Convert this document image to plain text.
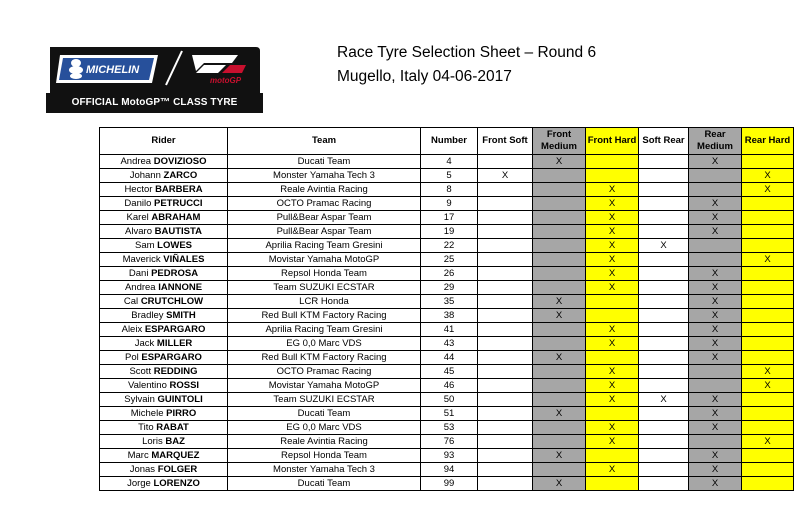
MICHELIN
motoGP
OFFICIAL MotoGP™ CLASS TYRE
Race Tyre Selection Sheet – Round 6
Mugello, Italy 04-06-2017
Rider	Team	Number	Front Soft	Front Medium	Front Hard	Soft Rear	Rear Medium	Rear Hard
Andrea DOVIZIOSO	Ducati Team	4		X			X	
Johann ZARCO	Monster Yamaha Tech 3	5	X					X
Hector BARBERA	Reale Avintia Racing	8			X			X
Danilo PETRUCCI	OCTO Pramac Racing	9			X		X	
Karel ABRAHAM	Pull&Bear Aspar Team	17			X		X	
Alvaro BAUTISTA	Pull&Bear Aspar Team	19			X		X	
Sam LOWES	Aprilia Racing Team Gresini	22			X	X		
Maverick VIÑALES	Movistar Yamaha MotoGP	25			X			X
Dani PEDROSA	Repsol Honda Team	26			X		X	
Andrea IANNONE	Team SUZUKI ECSTAR	29			X		X	
Cal CRUTCHLOW	LCR Honda	35		X			X	
Bradley SMITH	Red Bull KTM Factory Racing	38		X			X	
Aleix ESPARGARO	Aprilia Racing Team Gresini	41			X		X	
Jack MILLER	EG 0,0 Marc VDS	43			X		X	
Pol ESPARGARO	Red Bull KTM Factory Racing	44		X			X	
Scott REDDING	OCTO Pramac Racing	45			X			X
Valentino ROSSI	Movistar Yamaha MotoGP	46			X			X
Sylvain GUINTOLI	Team SUZUKI ECSTAR	50			X	X	X	
Michele PIRRO	Ducati Team	51		X			X	
Tito RABAT	EG 0,0 Marc VDS	53			X		X	
Loris BAZ	Reale Avintia Racing	76			X			X
Marc MARQUEZ	Repsol Honda Team	93		X			X	
Jonas FOLGER	Monster Yamaha Tech 3	94			X		X	
Jorge LORENZO	Ducati Team	99		X			X	
